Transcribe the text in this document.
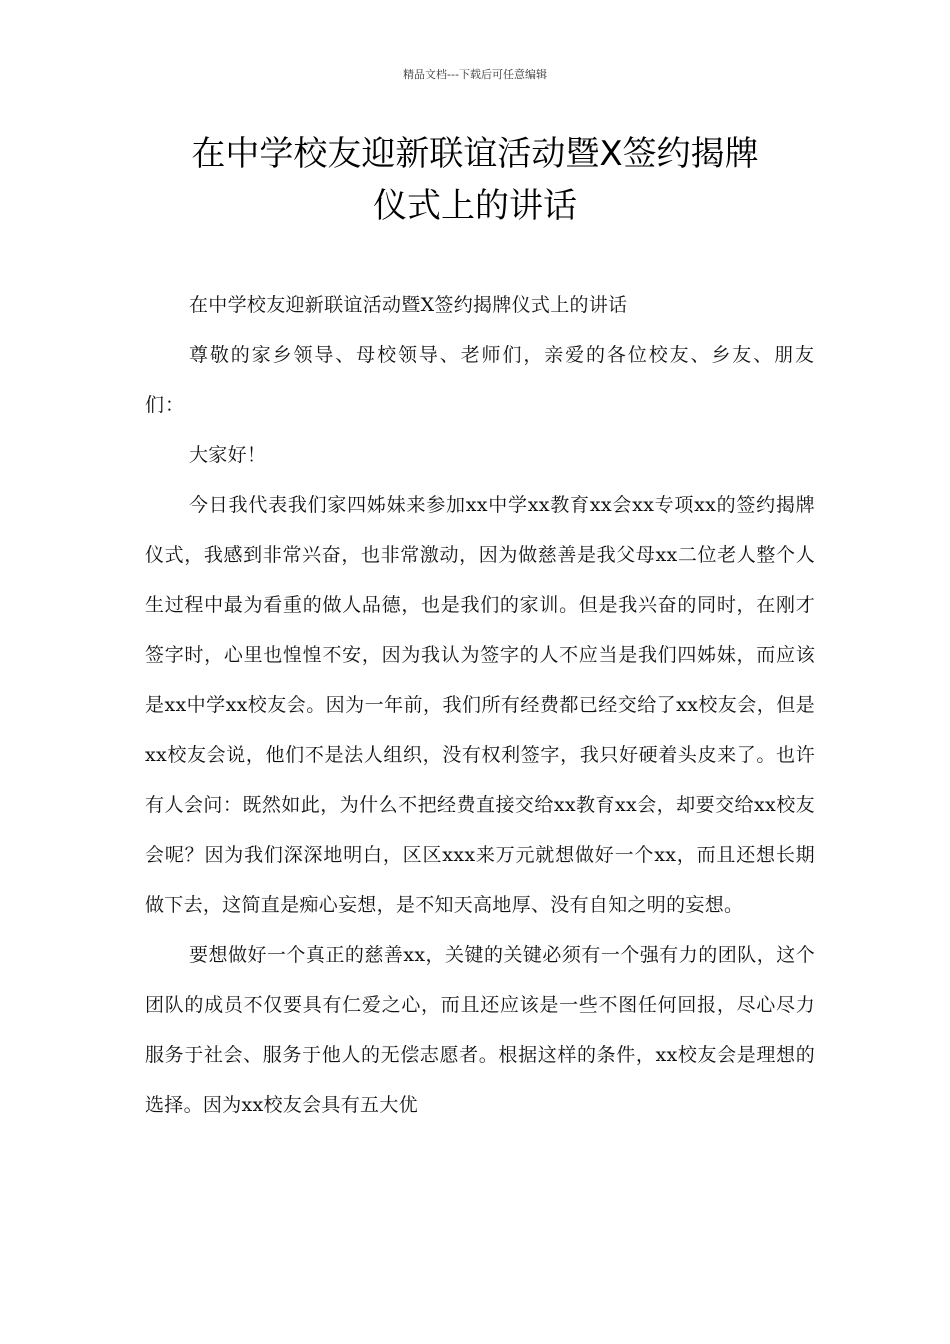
精品文档---下载后可任意编辑
在中学校友迎新联谊活动暨X签约揭牌
仪式上的讲话

在中学校友迎新联谊活动暨X签约揭牌仪式上的讲话

尊敬的家乡领导、母校领导、老师们，亲爱的各位校友、乡友、朋友们：

大家好！

今日我代表我们家四姊妹来参加xx中学xx教育xx会xx专项xx的签约揭牌仪式，我感到非常兴奋，也非常激动，因为做慈善是我父母xx二位老人整个人生过程中最为看重的做人品德，也是我们的家训。但是我兴奋的同时，在刚才签字时，心里也惶惶不安，因为我认为签字的人不应当是我们四姊妹，而应该是xx中学xx校友会。因为一年前，我们所有经费都已经交给了xx校友会，但是xx校友会说，他们不是法人组织，没有权利签字，我只好硬着头皮来了。也许有人会问：既然如此，为什么不把经费直接交给xx教育xx会，却要交给xx校友会呢？因为我们深深地明白，区区xxx来万元就想做好一个xx，而且还想长期做下去，这简直是痴心妄想，是不知天高地厚、没有自知之明的妄想。

要想做好一个真正的慈善xx，关键的关键必须有一个强有力的团队，这个团队的成员不仅要具有仁爱之心，而且还应该是一些不图任何回报，尽心尽力服务于社会、服务于他人的无偿志愿者。根据这样的条件，xx校友会是理想的选择。因为xx校友会具有五大优
